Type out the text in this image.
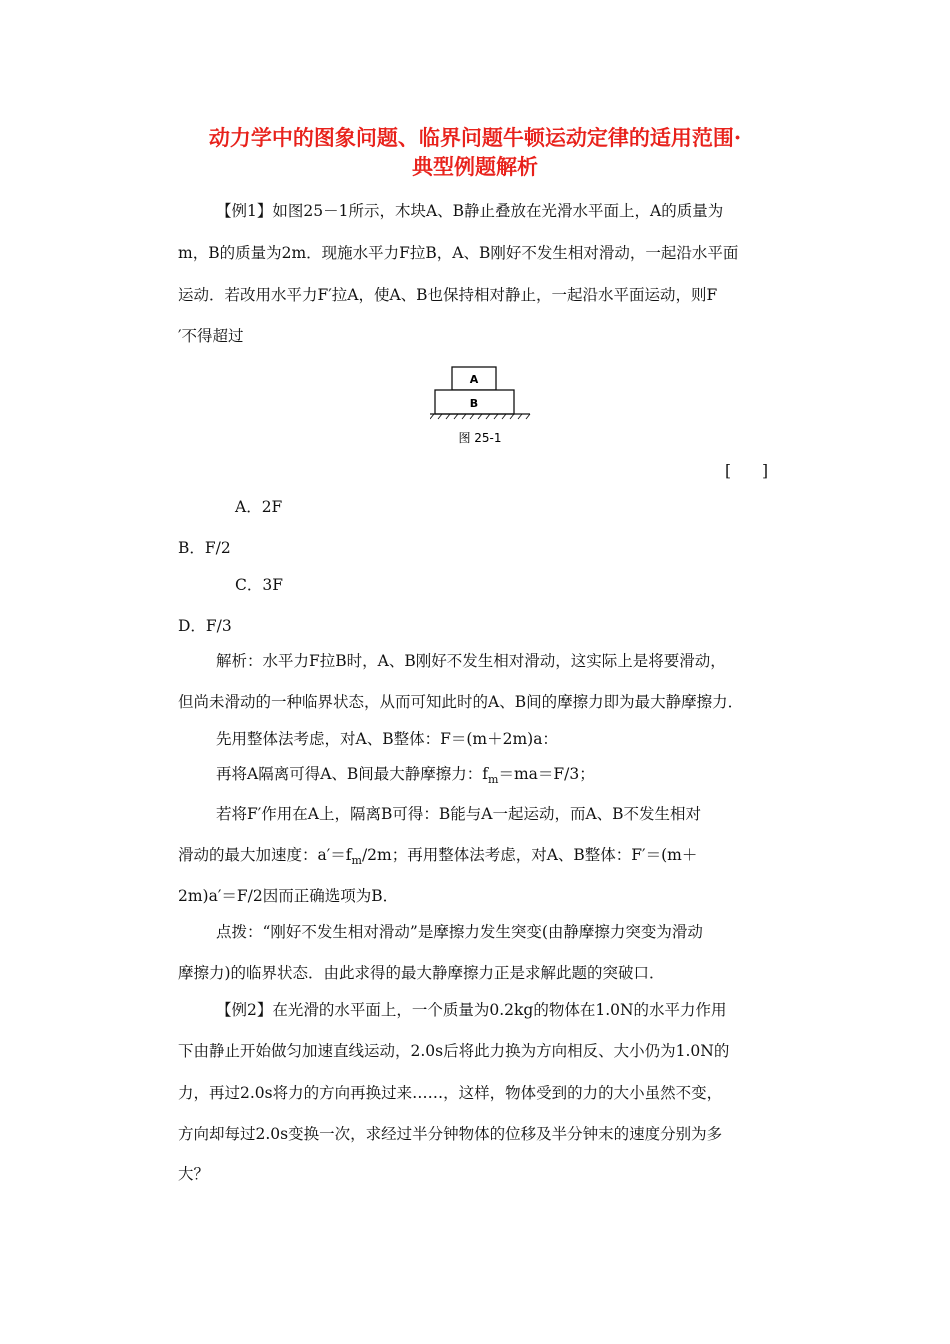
动力学中的图象问题、临界问题牛顿运动定律的适用范围·
典型例题解析
【例1】如图25－1所示，木块A、B静止叠放在光滑水平面上，A的质量为
m，B的质量为2m．现施水平力F拉B，A、B刚好不发生相对滑动，一起沿水平面
运动．若改用水平力F′拉A，使A、B也保持相对静止，一起沿水平面运动，则F
′不得超过
A
B
图 25-1
[　　]
A．2F
B．F/2
C．3F
D．F/3
解析：水平力F拉B时，A、B刚好不发生相对滑动，这实际上是将要滑动，
但尚未滑动的一种临界状态，从而可知此时的A、B间的摩擦力即为最大静摩擦力．
先用整体法考虑，对A、B整体：F＝(m＋2m)a：
再将A隔离可得A、B间最大静摩擦力：$f_m=ma=F/3$；
若将F′作用在A上，隔离B可得：B能与A一起运动，而A、B不发生相对
滑动的最大加速度：$a'=f_m/2m$；再用整体法考虑，对A、B整体：F′＝(m＋
2m)a′＝F/2因而正确选项为B．
点拨：“刚好不发生相对滑动”是摩擦力发生突变(由静摩擦力突变为滑动
摩擦力)的临界状态．由此求得的最大静摩擦力正是求解此题的突破口．
【例2】在光滑的水平面上，一个质量为0.2kg的物体在1.0N的水平力作用
下由静止开始做匀加速直线运动，2.0s后将此力换为方向相反、大小仍为1.0N的
力，再过2.0s将力的方向再换过来……，这样，物体受到的力的大小虽然不变，
方向却每过2.0s变换一次，求经过半分钟物体的位移及半分钟末的速度分别为多
大？
